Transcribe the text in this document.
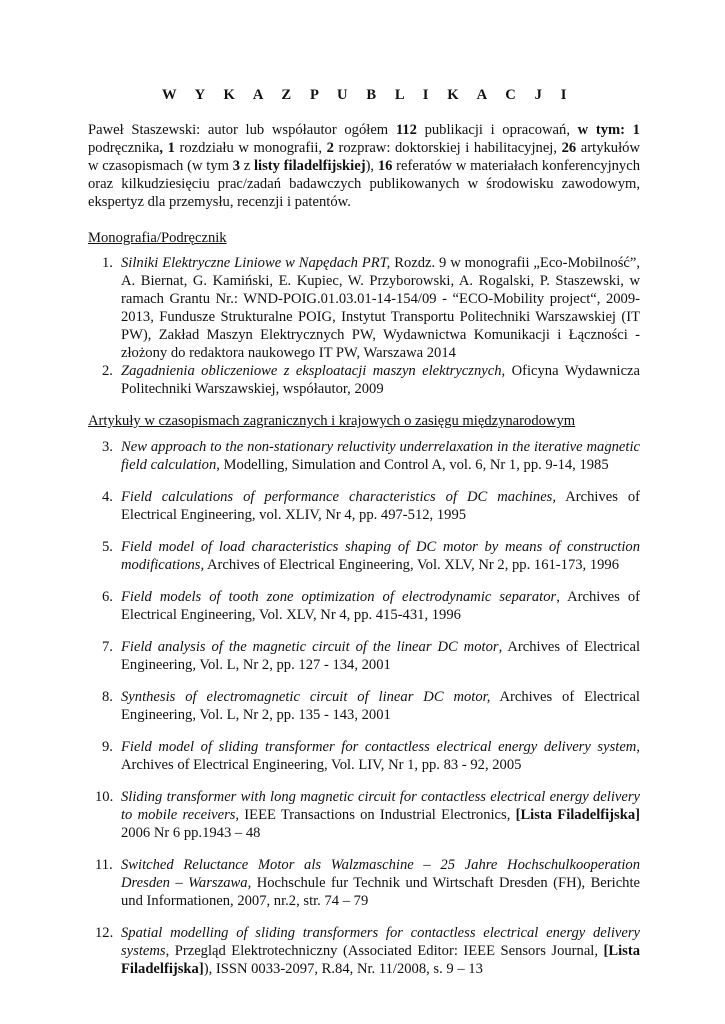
W Y K A Z P U B L I K A C J I

Paweł Staszewski: autor lub współautor ogółem 112 publikacji i opracowań, w tym: 1 podręcznika, 1 rozdziału w monografii, 2 rozpraw: doktorskiej i habilitacyjnej, 26 artykułów w czasopismach (w tym 3 z listy filadelfijskiej), 16 referatów w materiałach konferencyjnych oraz kilkudziesięciu prac/zadań badawczych publikowanych w środowisku zawodowym, ekspertyz dla przemysłu, recenzji i patentów.

Monografia/Podręcznik
1. Silniki Elektryczne Liniowe w Napędach PRT, Rozdz. 9 w monografii „Eco-Mobilność”, A. Biernat, G. Kamiński, E. Kupiec, W. Przyborowski, A. Rogalski, P. Staszewski, w ramach Grantu Nr.: WND-POIG.01.03.01-14-154/09 - “ECO-Mobility project“, 2009-2013, Fundusze Strukturalne POIG, Instytut Transportu Politechniki Warszawskiej (IT PW), Zakład Maszyn Elektrycznych PW, Wydawnictwa Komunikacji i Łączności - złożony do redaktora naukowego IT PW, Warszawa 2014
2. Zagadnienia obliczeniowe z eksploatacji maszyn elektrycznych, Oficyna Wydawnicza Politechniki Warszawskiej, współautor, 2009
Artykuły w czasopismach zagranicznych i krajowych o zasięgu międzynarodowym
3. New approach to the non-stationary reluctivity underrelaxation in the iterative magnetic field calculation, Modelling, Simulation and Control A, vol. 6, Nr 1, pp. 9-14, 1985
4. Field calculations of performance characteristics of DC machines, Archives of Electrical Engineering, vol. XLIV, Nr 4, pp. 497-512, 1995
5. Field model of load characteristics shaping of DC motor by means of construction modifications, Archives of Electrical Engineering, Vol. XLV, Nr 2, pp. 161-173, 1996
6. Field models of tooth zone optimization of electrodynamic separator, Archives of Electrical Engineering, Vol. XLV, Nr 4, pp. 415-431, 1996
7. Field analysis of the magnetic circuit of the linear DC motor, Archives of Electrical Engineering, Vol. L, Nr 2, pp. 127 - 134, 2001
8. Synthesis of electromagnetic circuit of linear DC motor, Archives of Electrical Engineering, Vol. L, Nr 2, pp. 135 - 143, 2001
9. Field model of sliding transformer for contactless electrical energy delivery system, Archives of Electrical Engineering, Vol. LIV, Nr 1, pp. 83 - 92, 2005
10. Sliding transformer with long magnetic circuit for contactless electrical energy delivery to mobile receivers, IEEE Transactions on Industrial Electronics, [Lista Filadelfijska] 2006 Nr 6 pp.1943 – 48
11. Switched Reluctance Motor als Walzmaschine – 25 Jahre Hochschulkooperation Dresden – Warszawa, Hochschule fur Technik und Wirtschaft Dresden (FH), Berichte und Informationen, 2007, nr.2, str. 74 – 79
12. Spatial modelling of sliding transformers for contactless electrical energy delivery systems, Przegląd Elektrotechniczny (Associated Editor: IEEE Sensors Journal, [Lista Filadelfijska]), ISSN 0033-2097, R.84, Nr. 11/2008, s. 9 – 13
